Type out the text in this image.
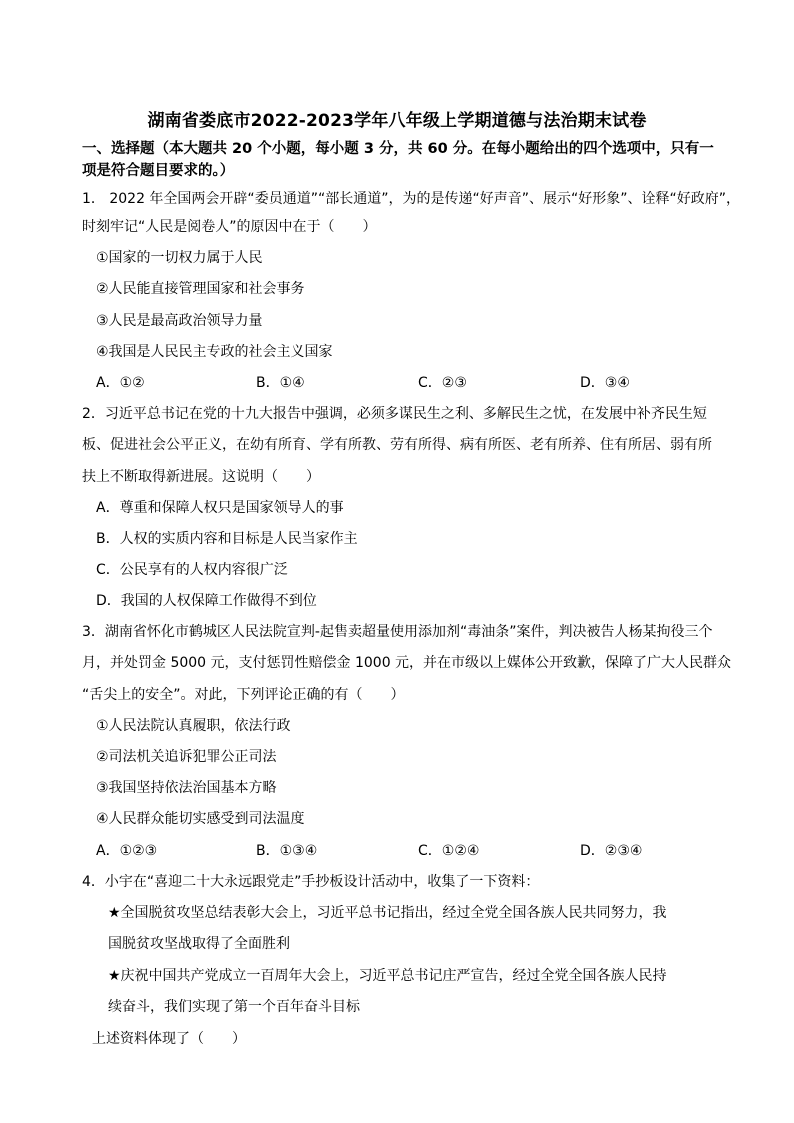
湖南省娄底市2022-2023学年八年级上学期道德与法治期末试卷
一、选择题（本大题共 20 个小题，每小题 3 分，共 60 分。在每小题给出的四个选项中，只有一
项是符合题目要求的。）
1． 2022 年全国两会开辟“委员通道”“部长通道”，为的是传递“好声音”、展示“好形象”、诠释“好政府”，
时刻牢记“人民是阅卷人”的原因中在于（　　）
①国家的一切权力属于人民
②人民能直接管理国家和社会事务
③人民是最高政治领导力量
④我国是人民民主专政的社会主义国家
A．①②	B．①④	C．②③	D．③④
2．习近平总书记在党的十九大报告中强调，必须多谋民生之利、多解民生之忧，在发展中补齐民生短
板、促进社会公平正义，在幼有所育、学有所教、劳有所得、病有所医、老有所养、住有所居、弱有所
扶上不断取得新进展。这说明（　　）
A．尊重和保障人权只是国家领导人的事
B．人权的实质内容和目标是人民当家作主
C．公民享有的人权内容很广泛
D．我国的人权保障工作做得不到位
3．湖南省怀化市鹤城区人民法院宣判-起售卖超量使用添加剂“毒油条”案件，判决被告人杨某拘役三个
月，并处罚金 5000 元，支付惩罚性赔偿金 1000 元，并在市级以上媒体公开致歉，保障了广大人民群众
“舌尖上的安全”。对此，下列评论正确的有（　　）
①人民法院认真履职，依法行政
②司法机关追诉犯罪公正司法
③我国坚持依法治国基本方略
④人民群众能切实感受到司法温度
A．①②③	B．①③④	C．①②④	D．②③④
4．小宇在“喜迎二十大永远跟党走”手抄板设计活动中，收集了一下资料：
★全国脱贫攻坚总结表彰大会上，习近平总书记指出，经过全党全国各族人民共同努力，我
国脱贫攻坚战取得了全面胜利
★庆祝中国共产党成立一百周年大会上，习近平总书记庄严宣告，经过全党全国各族人民持
续奋斗，我们实现了第一个百年奋斗目标
上述资料体现了（　　）
